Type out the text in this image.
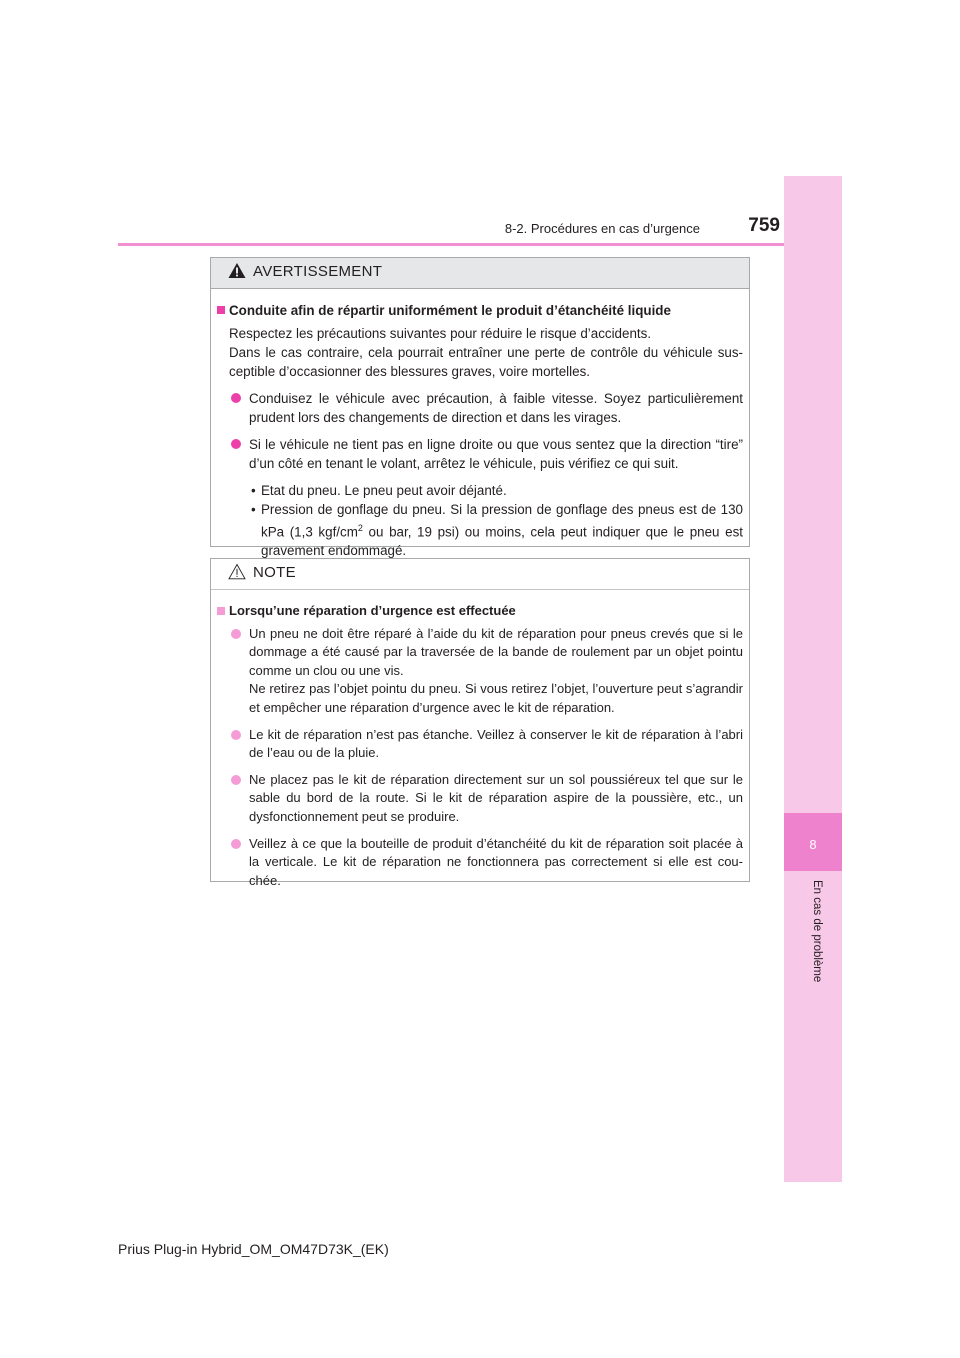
8
En cas de problème
8-2. Procédures en cas d’urgence	759
AVERTISSEMENT
Conduite afin de répartir uniformément le produit d’étanchéité liquide
Respectez les précautions suivantes pour réduire le risque d’accidents.
Dans le cas contraire, cela pourrait entraîner une perte de contrôle du véhicule sus-ceptible d’occasionner des blessures graves, voire mortelles.
Conduisez le véhicule avec précaution, à faible vitesse. Soyez particulièrement prudent lors des changements de direction et dans les virages.
Si le véhicule ne tient pas en ligne droite ou que vous sentez que la direction “tire” d’un côté en tenant le volant, arrêtez le véhicule, puis vérifiez ce qui suit.
• Etat du pneu. Le pneu peut avoir déjanté.
• Pression de gonflage du pneu. Si la pression de gonflage des pneus est de 130 kPa (1,3 kgf/$cm^2$ ou bar, 19 psi) ou moins, cela peut indiquer que le pneu est gravement endommagé.
NOTE
Lorsqu’une réparation d’urgence est effectuée
Un pneu ne doit être réparé à l’aide du kit de réparation pour pneus crevés que si le dommage a été causé par la traversée de la bande de roulement par un objet pointu comme un clou ou une vis.
Ne retirez pas l’objet pointu du pneu. Si vous retirez l’objet, l’ouverture peut s’agrandir et empêcher une réparation d’urgence avec le kit de réparation.
Le kit de réparation n’est pas étanche. Veillez à conserver le kit de réparation à l’abri de l’eau ou de la pluie.
Ne placez pas le kit de réparation directement sur un sol poussiéreux tel que sur le sable du bord de la route. Si le kit de réparation aspire de la poussière, etc., un dysfonctionnement peut se produire.
Veillez à ce que la bouteille de produit d’étanchéité du kit de réparation soit placée à la verticale. Le kit de réparation ne fonctionnera pas correctement si elle est cou-chée.
Prius Plug-in Hybrid_OM_OM47D73K_(EK)
